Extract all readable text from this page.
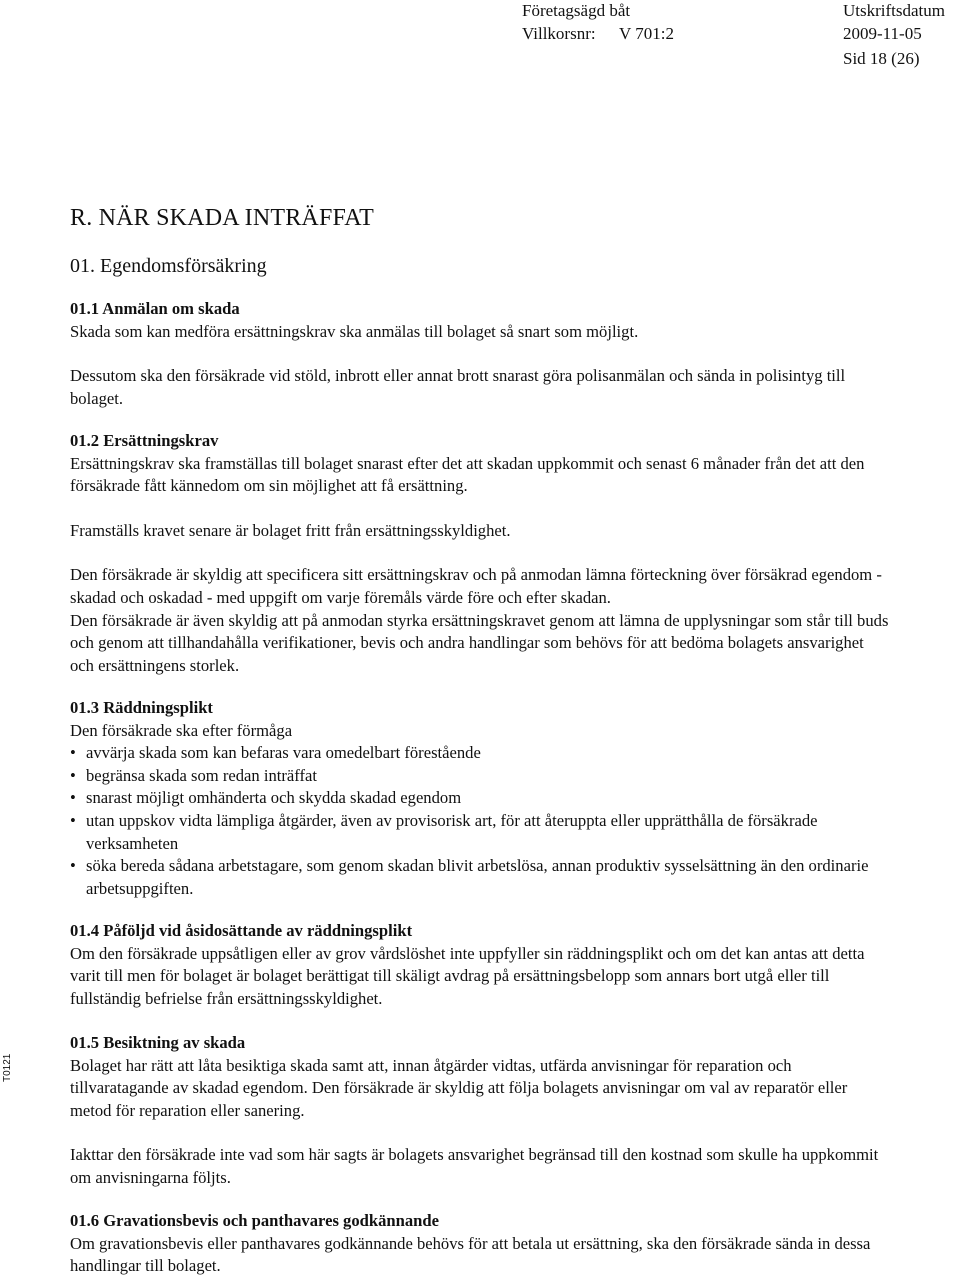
Företagsägd båt
Villkorsnr: V 701:2
Utskriftsdatum
2009-11-05
Sid 18 (26)
T0121
R. NÄR SKADA INTRÄFFAT
01. Egendomsförsäkring
01.1 Anmälan om skada

Skada som kan medföra ersättningskrav ska anmälas till bolaget så snart som möjligt.

Dessutom ska den försäkrade vid stöld, inbrott eller annat brott snarast göra polisanmälan och sända in polisintyg till bolaget.

01.2 Ersättningskrav

Ersättningskrav ska framställas till bolaget snarast efter det att skadan uppkommit och senast 6 månader från det att den försäkrade fått kännedom om sin möjlighet att få ersättning.

Framställs kravet senare är bolaget fritt från ersättningsskyldighet.

Den försäkrade är skyldig att specificera sitt ersättningskrav och på anmodan lämna förteckning över försäkrad egendom - skadad och oskadad - med uppgift om varje föremåls värde före och efter skadan.

Den försäkrade är även skyldig att på anmodan styrka ersättningskravet genom att lämna de upplysningar som står till buds och genom att tillhandahålla verifikationer, bevis och andra handlingar som behövs för att bedöma bolagets ansvarighet och ersättningens storlek.

01.3 Räddningsplikt

Den försäkrade ska efter förmåga

• avvärja skada som kan befaras vara omedelbart förestående
• begränsa skada som redan inträffat
• snarast möjligt omhänderta och skydda skadad egendom
• utan uppskov vidta lämpliga åtgärder, även av provisorisk art, för att återuppta eller upprätthålla de försäkrade verksamheten
• söka bereda sådana arbetstagare, som genom skadan blivit arbetslösa, annan produktiv sysselsättning än den ordinarie arbetsuppgiften.
01.4 Påföljd vid åsidosättande av räddningsplikt

Om den försäkrade uppsåtligen eller av grov vårdslöshet inte uppfyller sin räddningsplikt och om det kan antas att detta varit till men för bolaget är bolaget berättigat till skäligt avdrag på ersättningsbelopp som annars bort utgå eller till fullständig befrielse från ersättningsskyldighet.

01.5 Besiktning av skada

Bolaget har rätt att låta besiktiga skada samt att, innan åtgärder vidtas, utfärda anvisningar för reparation och tillvaratagande av skadad egendom. Den försäkrade är skyldig att följa bolagets anvisningar om val av reparatör eller metod för reparation eller sanering.

Iakttar den försäkrade inte vad som här sagts är bolagets ansvarighet begränsad till den kostnad som skulle ha uppkommit om anvisningarna följts.

01.6 Gravationsbevis och panthavares godkännande

Om gravationsbevis eller panthavares godkännande behövs för att betala ut ersättning, ska den försäkrade sända in dessa handlingar till bolaget.
